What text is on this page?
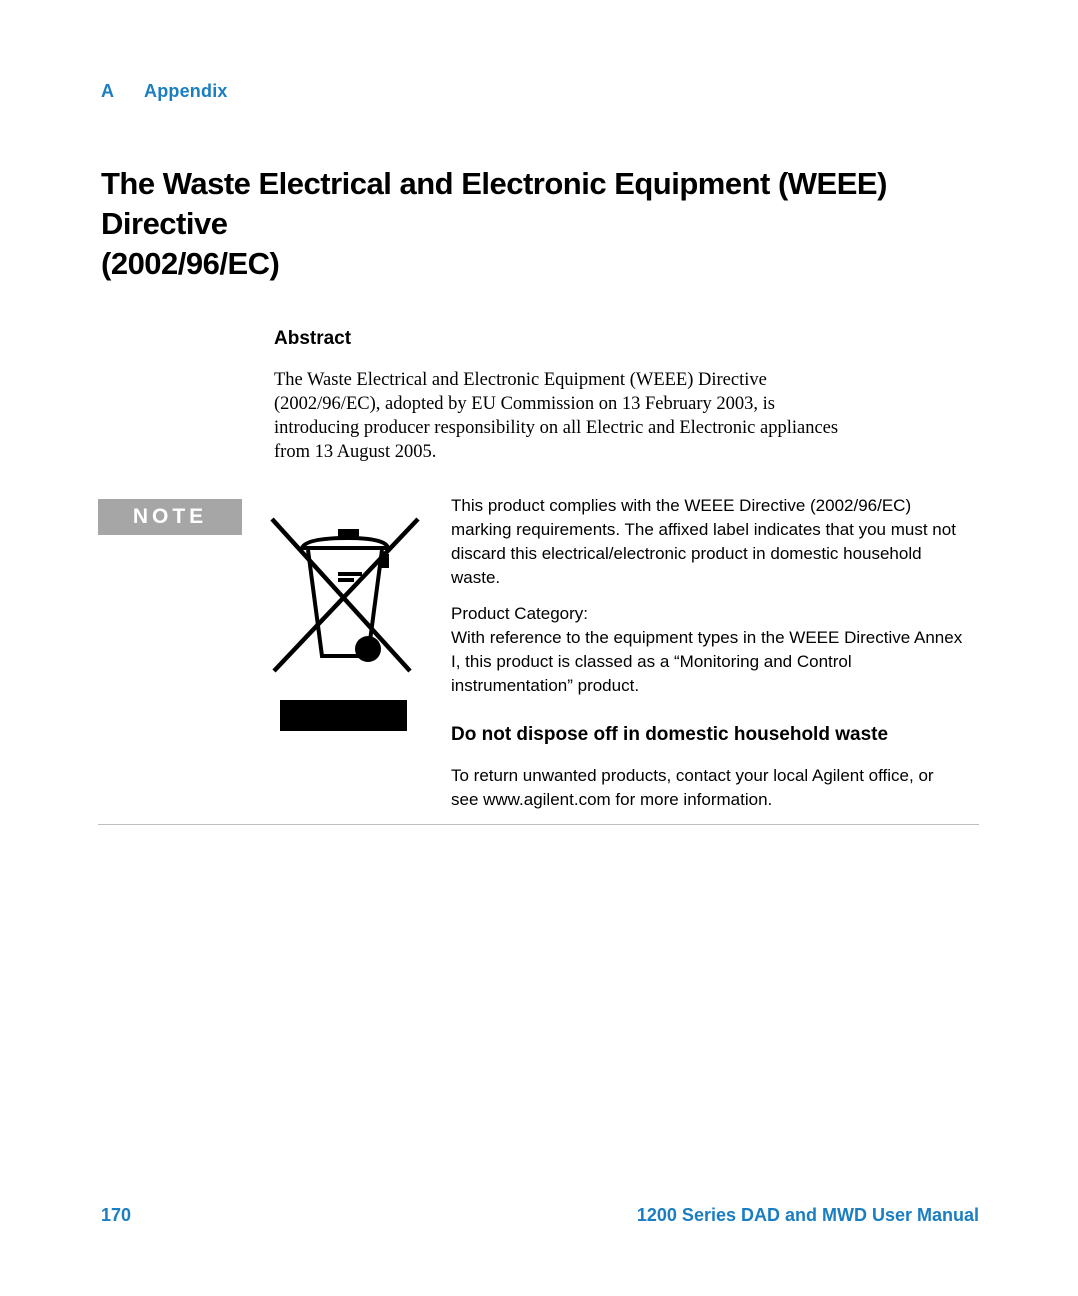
A Appendix
The Waste Electrical and Electronic Equipment (WEEE) Directive
(2002/96/EC)
Abstract
The Waste Electrical and Electronic Equipment (WEEE) Directive
(2002/96/EC), adopted by EU Commission on 13 February 2003, is
introducing producer responsibility on all Electric and Electronic appliances
from 13 August 2005.
NOTE	This product complies with the WEEE Directive (2002/96/EC)
marking requirements. The affixed label indicates that you must not
discard this electrical/electronic product in domestic household
waste.

Product Category:
With reference to the equipment types in the WEEE Directive Annex
I, this product is classed as a “Monitoring and Control
instrumentation” product.

Do not dispose off in domestic household waste
To return unwanted products, contact your local Agilent office, or
see www.agilent.com for more information.
170	1200 Series DAD and MWD User Manual
